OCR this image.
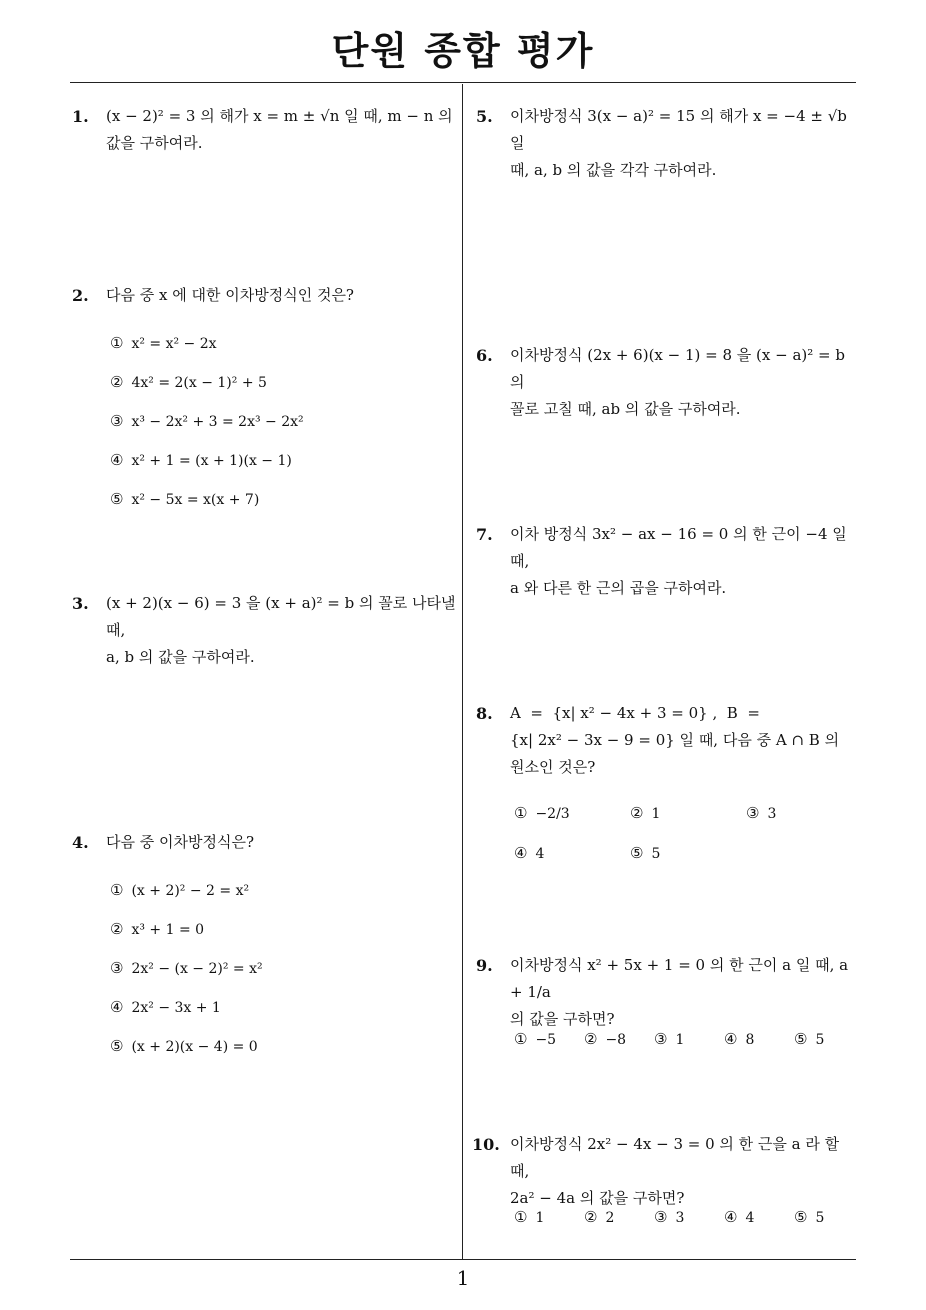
단원 종합 평가
1. (x − 2)² = 3 의 해가 x = m ± √n 일 때, m − n 의
값을 구하여라.
2. 다음 중 x 에 대한 이차방정식인 것은?
① x² = x² − 2x
② 4x² = 2(x − 1)² + 5
③ x³ − 2x² + 3 = 2x³ − 2x²
④ x² + 1 = (x + 1)(x − 1)
⑤ x² − 5x = x(x + 7)
3. (x + 2)(x − 6) = 3 을 (x + a)² = b 의 꼴로 나타낼 때,
a, b 의 값을 구하여라.
4. 다음 중 이차방정식은?
① (x + 2)² − 2 = x²
② x³ + 1 = 0
③ 2x² − (x − 2)² = x²
④ 2x² − 3x + 1
⑤ (x + 2)(x − 4) = 0
5. 이차방정식 3(x − a)² = 15 의 해가 x = −4 ± √b 일
때, a, b 의 값을 각각 구하여라.
6. 이차방정식 (2x + 6)(x − 1) = 8 을 (x − a)² = b 의
꼴로 고칠 때, ab 의 값을 구하여라.
7. 이차 방정식 3x² − ax − 16 = 0 의 한 근이 −4 일 때,
a 와 다른 한 근의 곱을 구하여라.
8. A  =  {x| x² − 4x + 3 = 0} ,  B  =
{x| 2x² − 3x − 9 = 0} 일 때, 다음 중 A ∩ B 의
원소인 것은?
① −2/3	② 1	③ 3
④ 4	⑤ 5
9. 이차방정식 x² + 5x + 1 = 0 의 한 근이 a 일 때, a + 1/a
의 값을 구하면?
① −5 ② −8 ③ 1	④ 8	⑤ 5
10. 이차방정식 2x² − 4x − 3 = 0 의 한 근을 a 라 할 때,
2a² − 4a 의 값을 구하면?
① 1	② 2	③ 3	④ 4	⑤ 5
1
